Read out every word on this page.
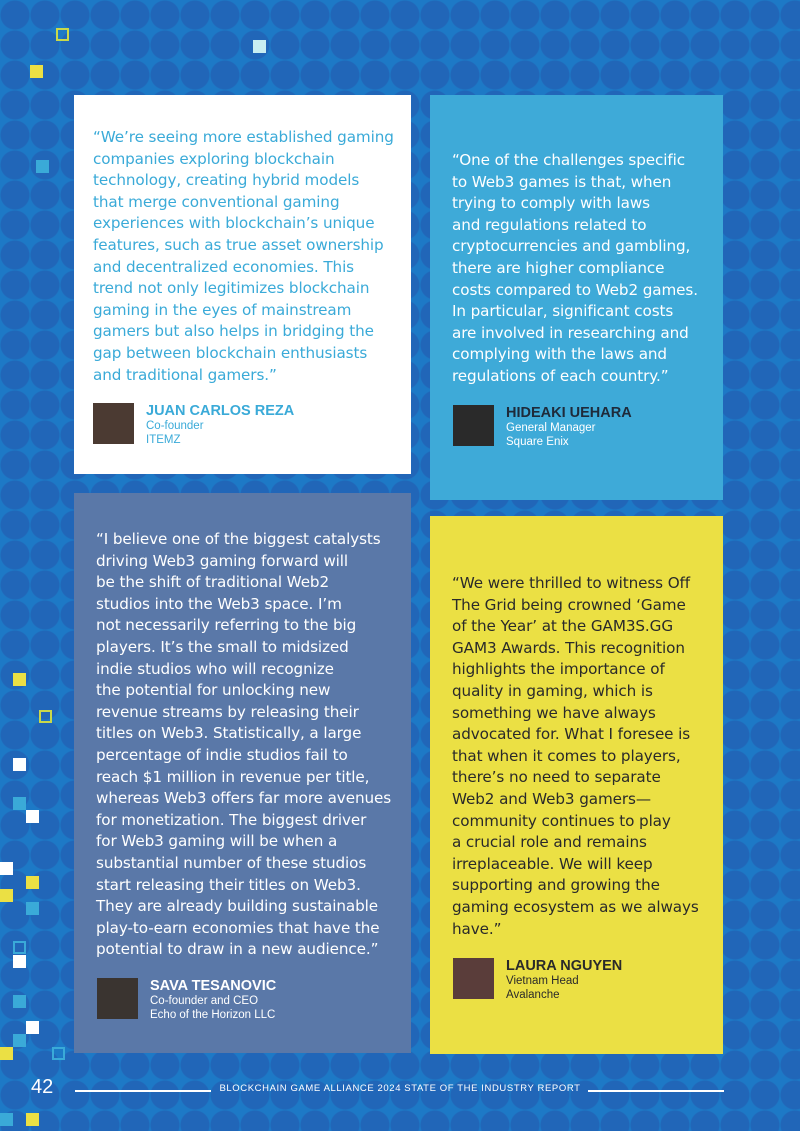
“We’re seeing more established gaming
companies exploring blockchain
technology, creating hybrid models
that merge conventional gaming
experiences with blockchain’s unique
features, such as true asset ownership
and decentralized economies. This
trend not only legitimizes blockchain
gaming in the eyes of mainstream
gamers but also helps in bridging the
gap between blockchain enthusiasts
and traditional gamers.”
JUAN CARLOS REZA
Co-founder
ITEMZ
“One of the challenges specific
to Web3 games is that, when
trying to comply with laws
and regulations related to
cryptocurrencies and gambling,
there are higher compliance
costs compared to Web2 games.
In particular, significant costs
are involved in researching and
complying with the laws and
regulations of each country.”
HIDEAKI UEHARA
General Manager
Square Enix
“I believe one of the biggest catalysts
driving Web3 gaming forward will
be the shift of traditional Web2
studios into the Web3 space. I’m
not necessarily referring to the big
players. It’s the small to midsized
indie studios who will recognize
the potential for unlocking new
revenue streams by releasing their
titles on Web3. Statistically, a large
percentage of indie studios fail to
reach $1 million in revenue per title,
whereas Web3 offers far more avenues
for monetization. The biggest driver
for Web3 gaming will be when a
substantial number of these studios
start releasing their titles on Web3.
They are already building sustainable
play-to-earn economies that have the
potential to draw in a new audience.”
SAVA TESANOVIC
Co-founder and CEO
Echo of the Horizon LLC
“We were thrilled to witness Off
The Grid being crowned ‘Game
of the Year’ at the GAM3S.GG
GAM3 Awards. This recognition
highlights the importance of
quality in gaming, which is
something we have always
advocated for. What I foresee is
that when it comes to players,
there’s no need to separate
Web2 and Web3 gamers—
community continues to play
a crucial role and remains
irreplaceable. We will keep
supporting and growing the
gaming ecosystem as we always
have.”
LAURA NGUYEN
Vietnam Head
Avalanche
42	BLOCKCHAIN GAME ALLIANCE 2024 STATE OF THE INDUSTRY REPORT
